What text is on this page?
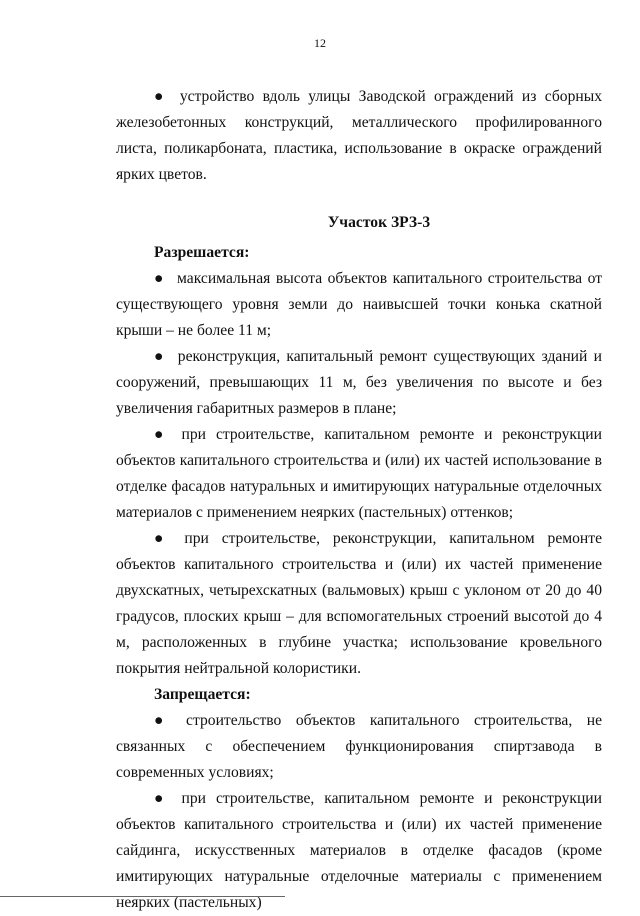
12

● устройство вдоль улицы Заводской ограждений из сборных железобетонных конструкций, металлического профилированного листа, поликарбоната, пластика, использование в окраске ограждений ярких цветов.

Участок ЗРЗ-3

Разрешается:

● максимальная высота объектов капитального строительства от существующего уровня земли до наивысшей точки конька скатной крыши – не более 11 м;

● реконструкция, капитальный ремонт существующих зданий и сооружений, превышающих 11 м, без увеличения по высоте и без увеличения габаритных размеров в плане;

● при строительстве, капитальном ремонте и реконструкции объектов капитального строительства и (или) их частей использование в отделке фасадов натуральных и имитирующих натуральные отделочных материалов с применением неярких (пастельных) оттенков;

● при строительстве, реконструкции, капитальном ремонте объектов капитального строительства и (или) их частей применение двухскатных, четырехскатных (вальмовых) крыш с уклоном от 20 до 40 градусов, плоских крыш – для вспомогательных строений высотой до 4 м, расположенных в глубине участка; использование кровельного покрытия нейтральной колористики.

Запрещается:

● строительство объектов капитального строительства, не связанных с обеспечением функционирования спиртзавода в современных условиях;

● при строительстве, капитальном ремонте и реконструкции объектов капитального строительства и (или) их частей применение сайдинга, искусственных материалов в отделке фасадов (кроме имитирующих натуральные отделочные материалы с применением неярких (пастельных)
